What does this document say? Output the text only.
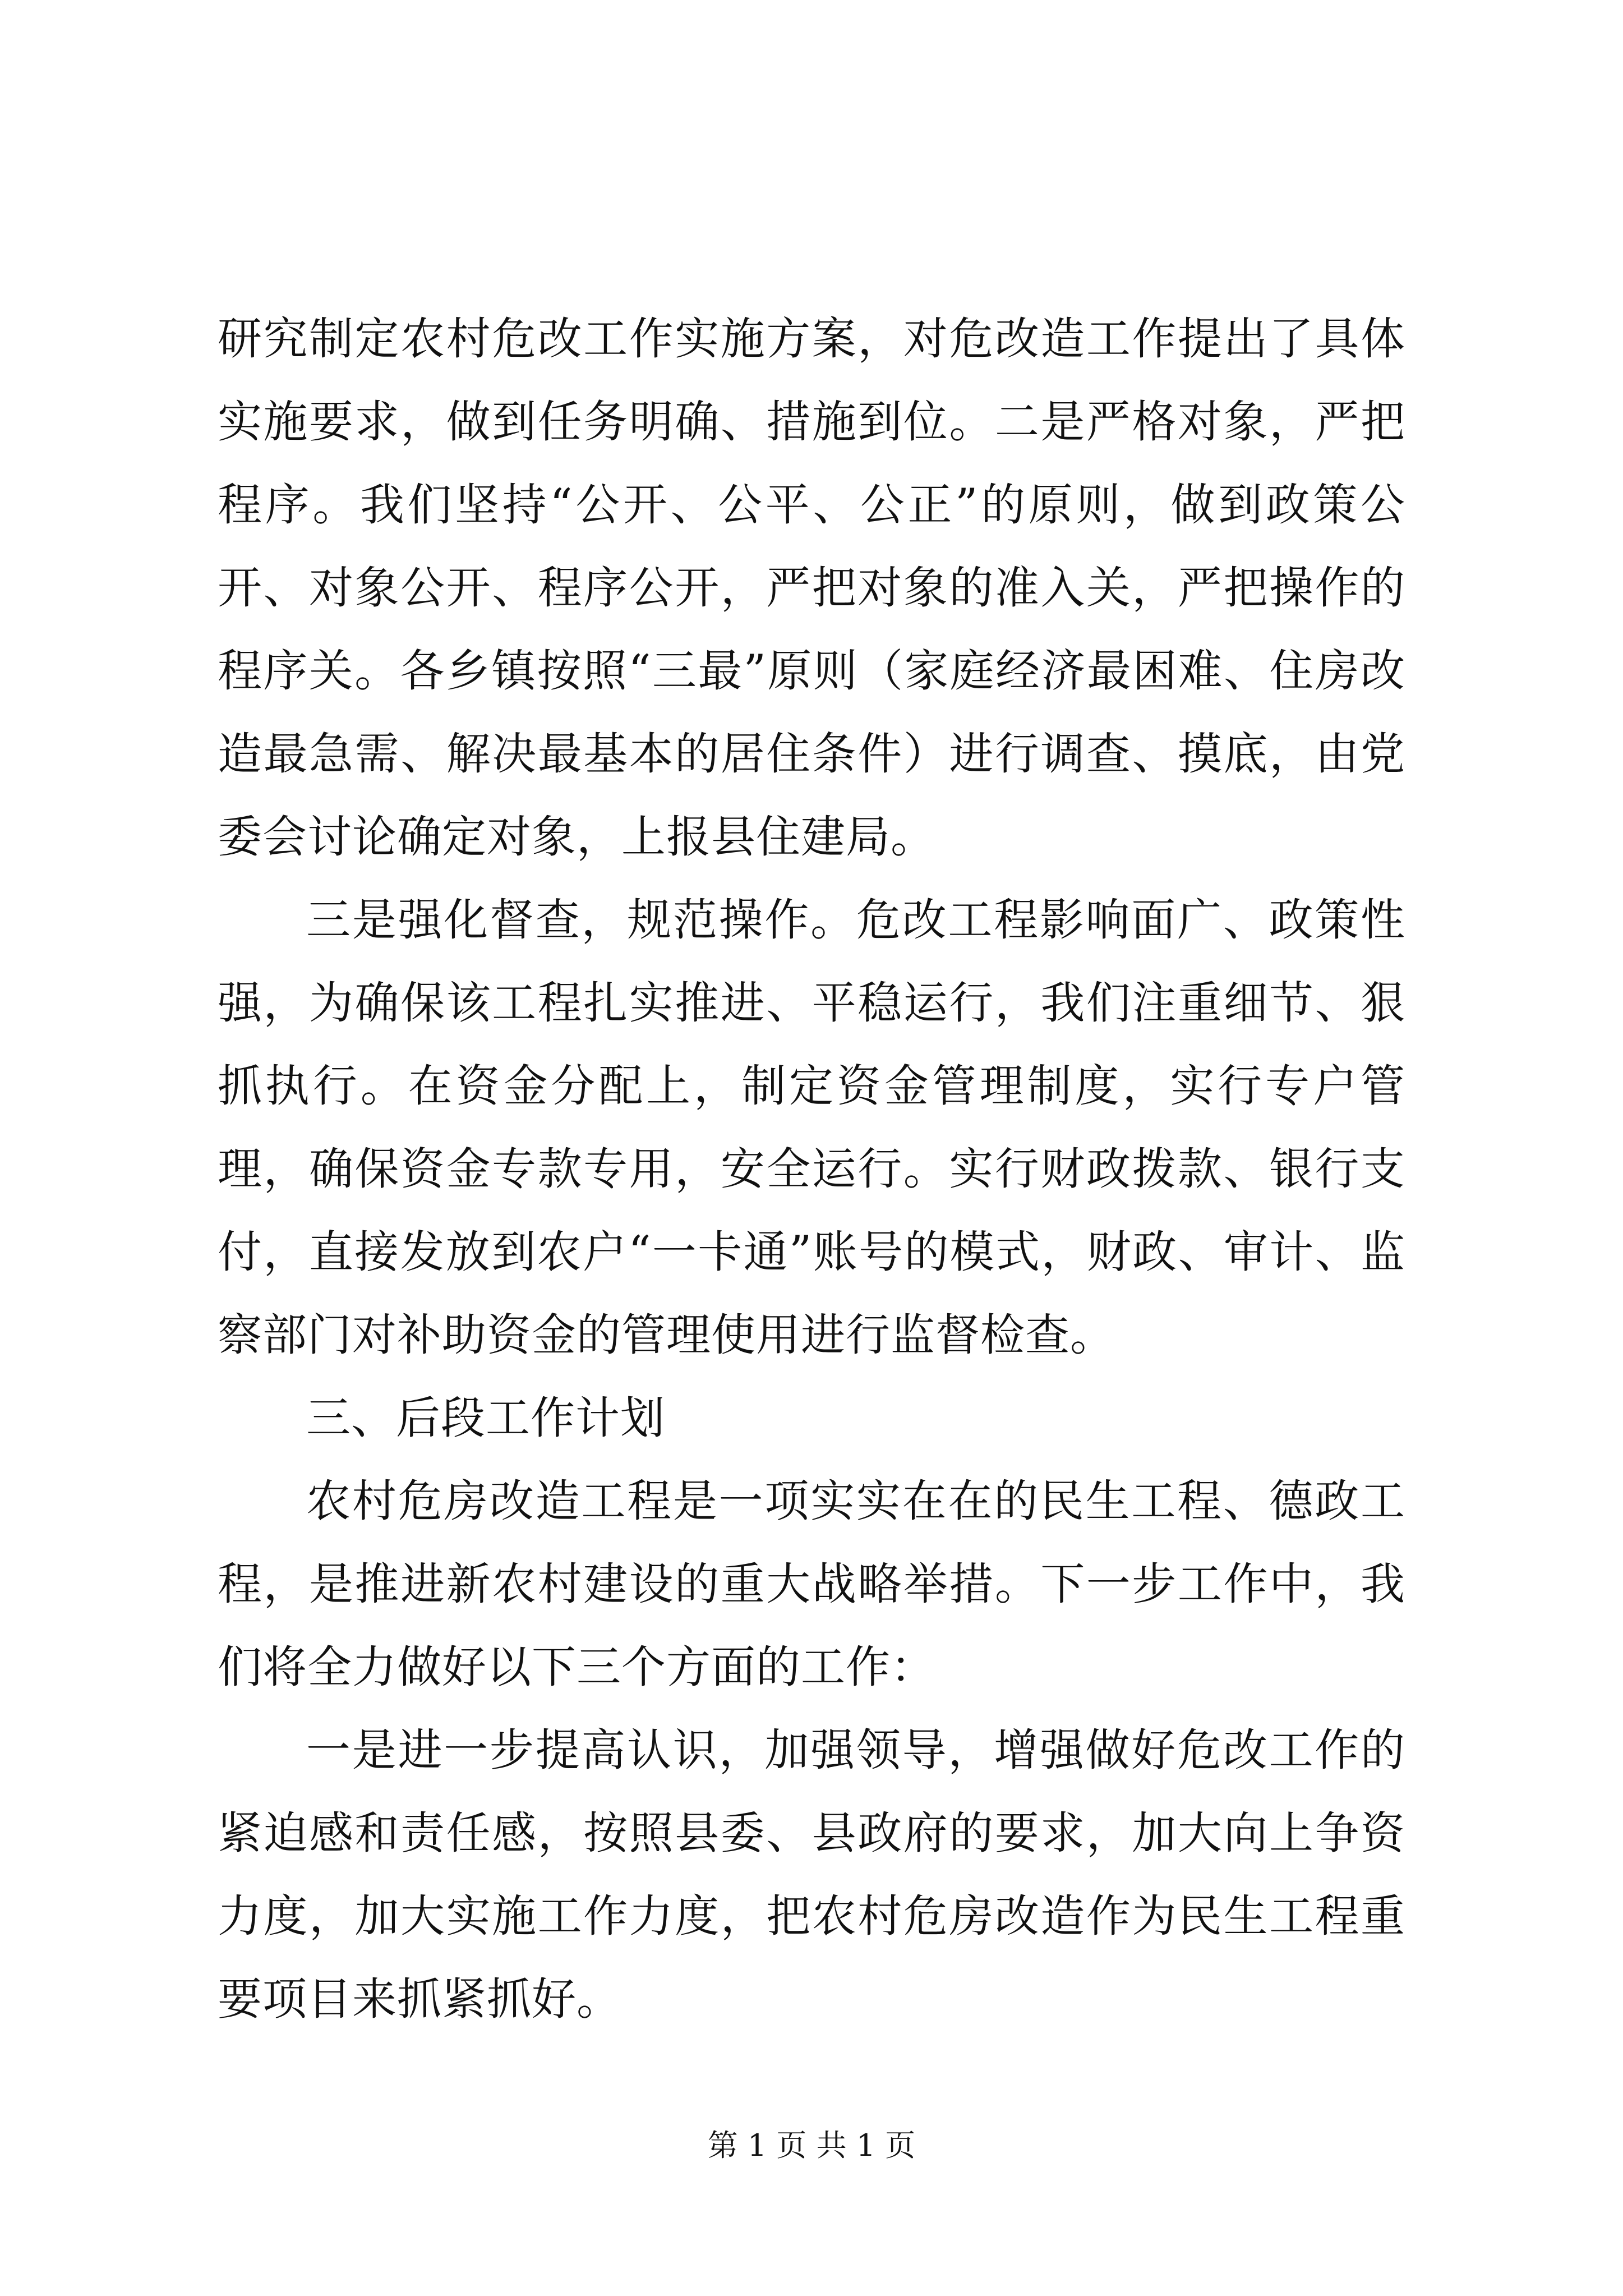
研究制定农村危改工作实施方案，对危改造工作提出了具体实施要求，做到任务明确、措施到位。二是严格对象，严把程序。我们坚持“公开、公平、公正”的原则，做到政策公开、对象公开、程序公开，严把对象的准入关，严把操作的程序关。各乡镇按照“三最”原则（家庭经济最困难、住房改造最急需、解决最基本的居住条件）进行调查、摸底，由党委会讨论确定对象，上报县住建局。

三是强化督查，规范操作。危改工程影响面广、政策性强，为确保该工程扎实推进、平稳运行，我们注重细节、狠抓执行。在资金分配上，制定资金管理制度，实行专户管理，确保资金专款专用，安全运行。实行财政拨款、银行支付，直接发放到农户“一卡通”账号的模式，财政、审计、监察部门对补助资金的管理使用进行监督检查。

三、后段工作计划

农村危房改造工程是一项实实在在的民生工程、德政工程，是推进新农村建设的重大战略举措。下一步工作中，我们将全力做好以下三个方面的工作：

一是进一步提高认识，加强领导，增强做好危改工作的紧迫感和责任感，按照县委、县政府的要求，加大向上争资力度，加大实施工作力度，把农村危房改造作为民生工程重要项目来抓紧抓好。

第 1 页 共 1 页
